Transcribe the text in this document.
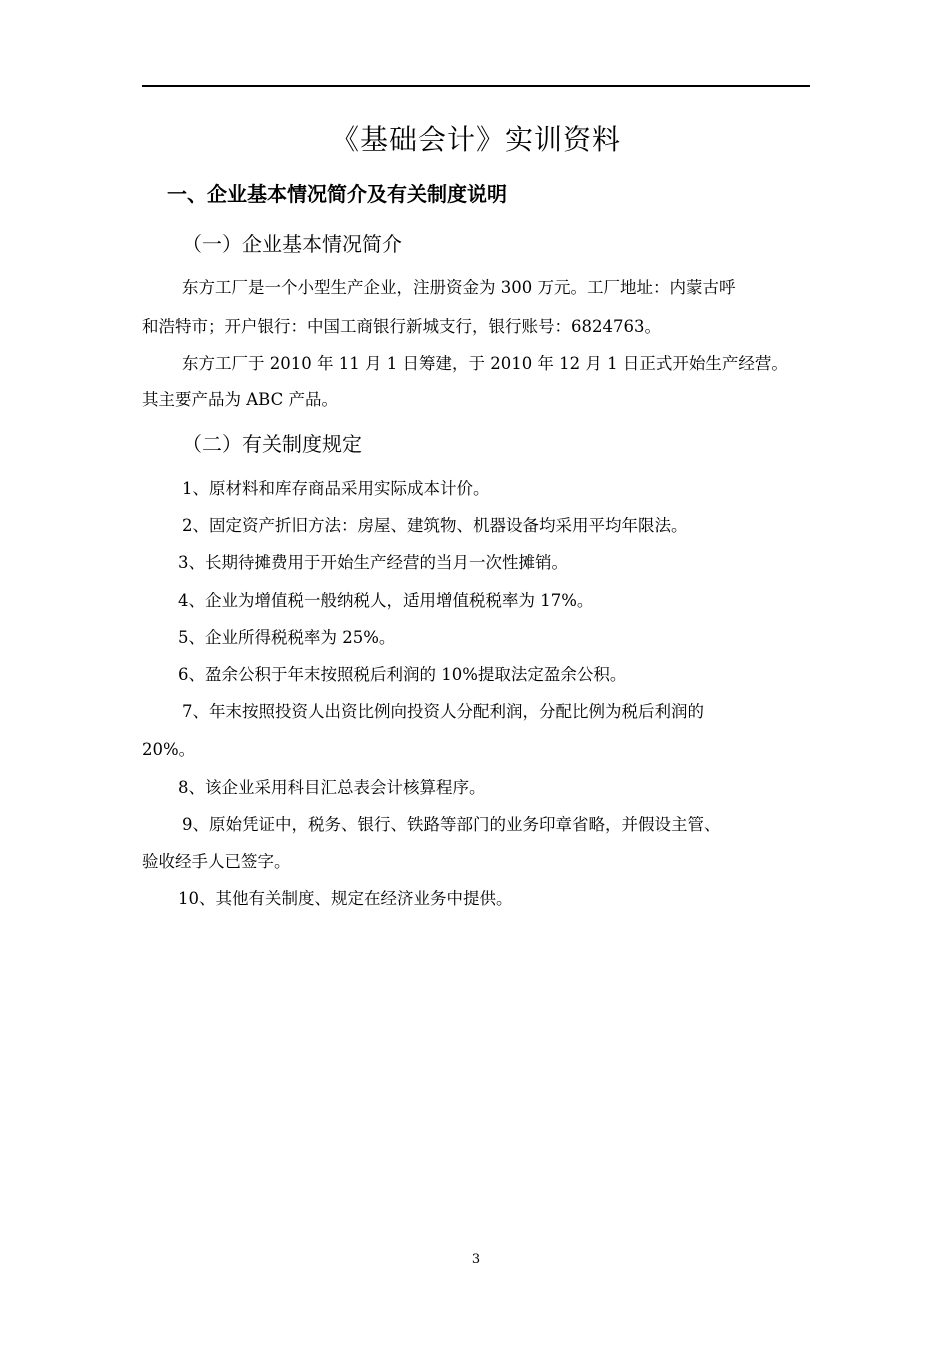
《基础会计》实训资料
一、企业基本情况简介及有关制度说明
（一）企业基本情况简介
东方工厂是一个小型生产企业，注册资金为 300 万元。工厂地址：内蒙古呼
和浩特市；开户银行：中国工商银行新城支行，银行账号：6824763。
东方工厂于 2010 年 11 月 1 日筹建，于 2010 年 12 月 1 日正式开始生产经营。
其主要产品为 ABC 产品。
（二）有关制度规定
1、原材料和库存商品采用实际成本计价。
2、固定资产折旧方法：房屋、建筑物、机器设备均采用平均年限法。
3、长期待摊费用于开始生产经营的当月一次性摊销。
4、企业为增值税一般纳税人，适用增值税税率为 17%。
5、企业所得税税率为 25%。
6、盈余公积于年末按照税后利润的 10%提取法定盈余公积。
7、年末按照投资人出资比例向投资人分配利润，分配比例为税后利润的
20%。
8、该企业采用科目汇总表会计核算程序。
9、原始凭证中，税务、银行、铁路等部门的业务印章省略，并假设主管、
验收经手人已签字。
10、其他有关制度、规定在经济业务中提供。
3
